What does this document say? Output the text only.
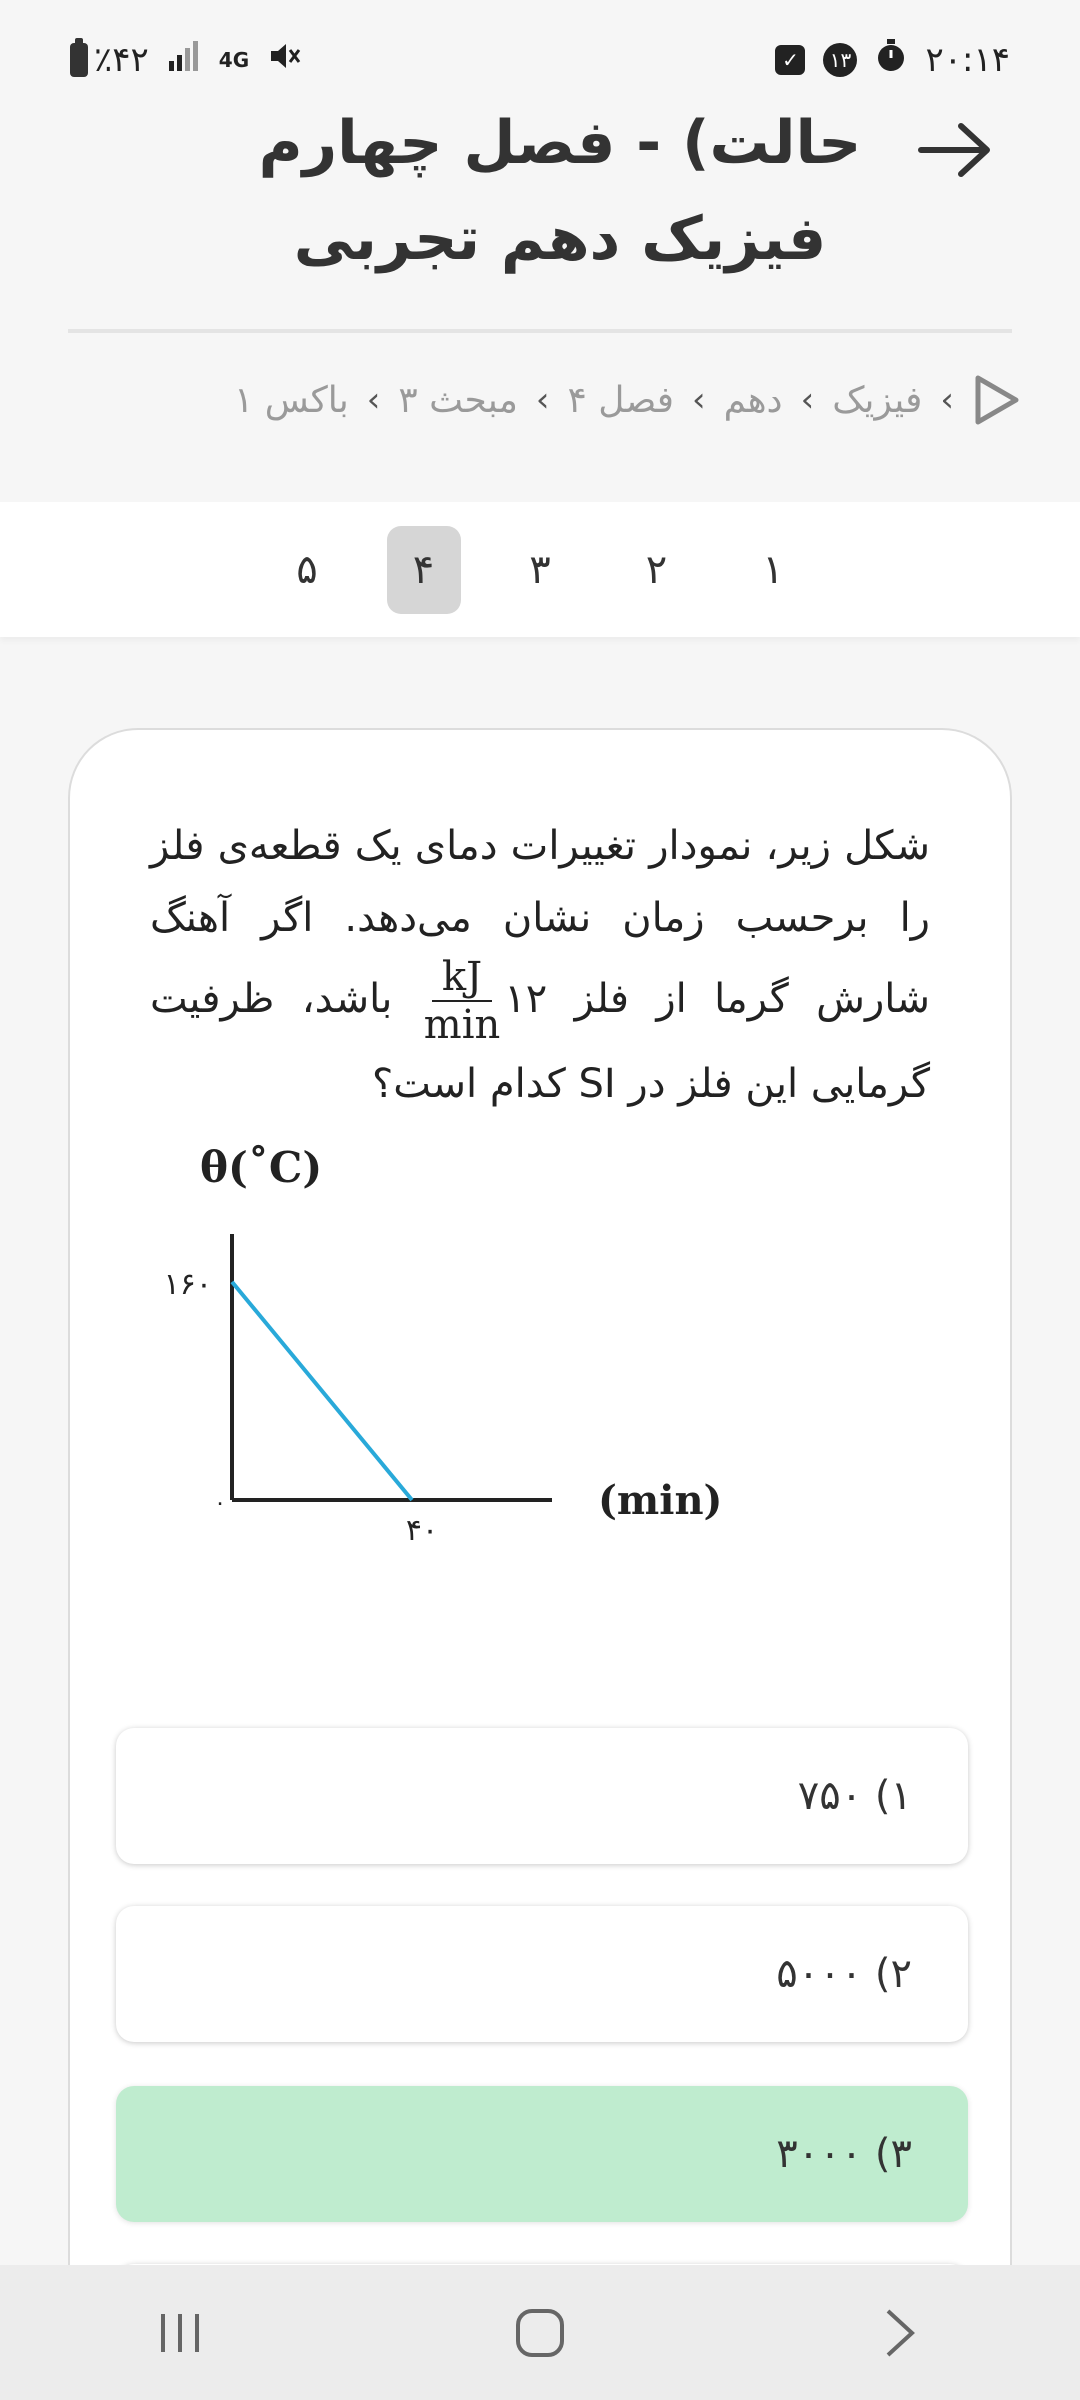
٪۴۲	4G	✓	۱۳ ۲۰:۱۴
حالت) - فصل چهارم
فیزیک دهم تجربی
‹
فیزیک
‹
دهم
‹
فصل ۴
‹
مبحث ۳
‹
باکس ۱
۱
۲
۳
۴
۵
شکل زیر، نمودار تغییرات دمای یک قطعه‌ی فلز را برحسب زمان نشان می‌دهد. اگر آهنگ شارش گرما از فلز ۱۲
$\frac{kJ}{\min}$
باشد، ظرفیت گرمایی این فلز در SI کدام است؟
θ(˚C)
(min)
۱۶۰
۴۰
۰
۱) ۷۵۰
۲) ۵۰۰۰
۳) ۳۰۰۰
